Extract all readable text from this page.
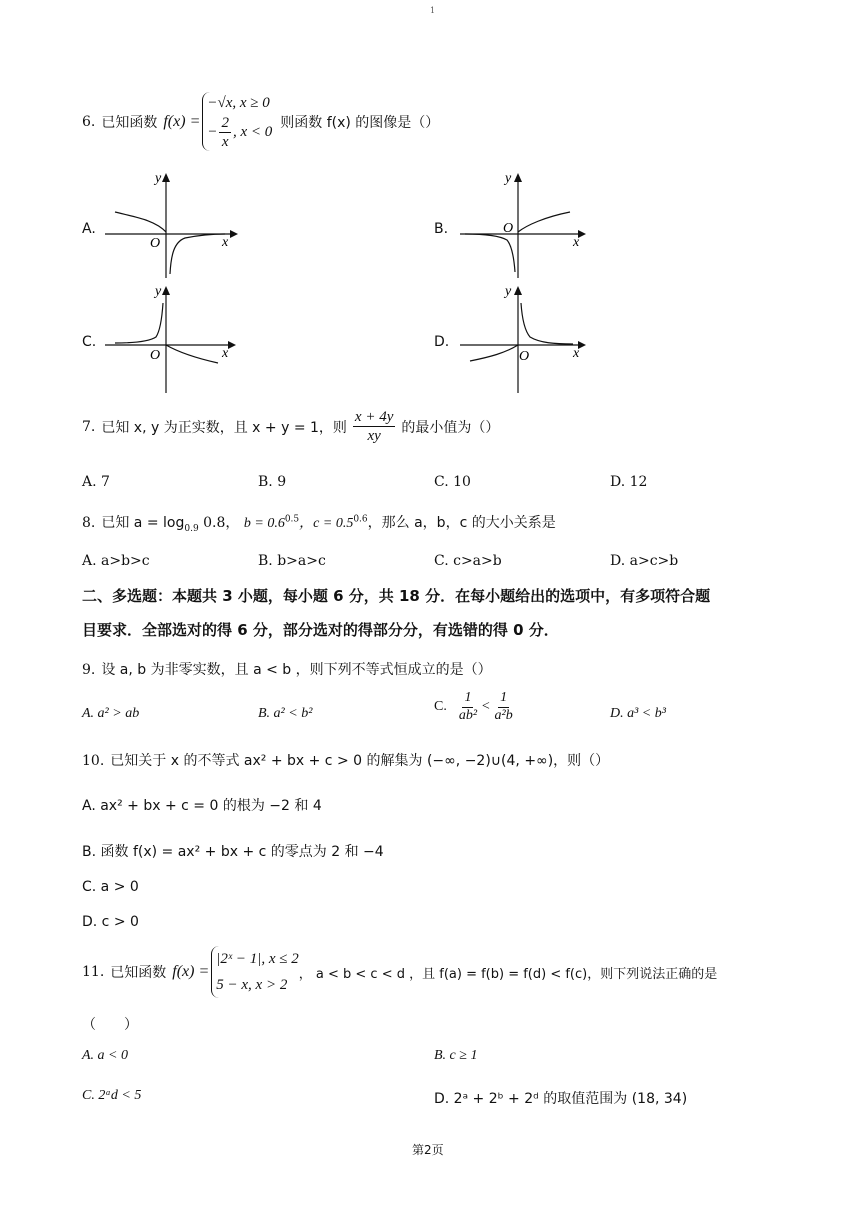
1
6. 已知函数 f(x) =
−√x, x ≥ 0
− $\frac{2}{x}$ , x < 0
则函数 f(x) 的图像是（）
A.	B.
C.	D.
y
x
O
y
x
O
y
x
O
y
x
O
7. 已知 x, y 为正实数，且 x + y = 1，则 $\frac{x + 4y}{xy}$ 的最小值为（）
A. 7	B. 9	C. 10	D. 12
8. 已知 $a = \log_{0.9} 0.8$， $b = 0.6^{0.5}$，$c = 0.5^{0.6}$，那么 a，b，c 的大小关系是
A. a>b>c	B. b>a>c	C. c>a>b	D. a>c>b
二、多选题：本题共 3 小题，每小题 6 分，共 18 分．在每小题给出的选项中，有多项符合题
目要求．全部选对的得 6 分，部分选对的得部分分，有选错的得 0 分．
9. 设 a, b 为非零实数，且 a < b ，则下列不等式恒成立的是（）
A. a² > ab	B. a² < b²	C. $\frac{1}{\text{ab²}} < \frac{1}{\text{a²b}}$	D. a³ < b³
10. 已知关于 x 的不等式 ax² + bx + c > 0 的解集为 (−∞, −2)∪(4, +∞)，则（）
A. ax² + bx + c = 0 的根为 −2 和 4
B. 函数 f(x) = ax² + bx + c 的零点为 2 和 −4
C. a > 0
D. c > 0
11. 已知函数 f(x) =
|2ˣ − 1|, x ≤ 2
5 − x, x > 2
， a < b < c < d ，且 f(a) = f(b) = f(d) < f(c)，则下列说法正确的是
（　　）
A. a < 0	B. c ≥ 1
C. 2ᵃd < 5	D. 2ᵃ + 2ᵇ + 2ᵈ 的取值范围为 (18, 34)
第2页
